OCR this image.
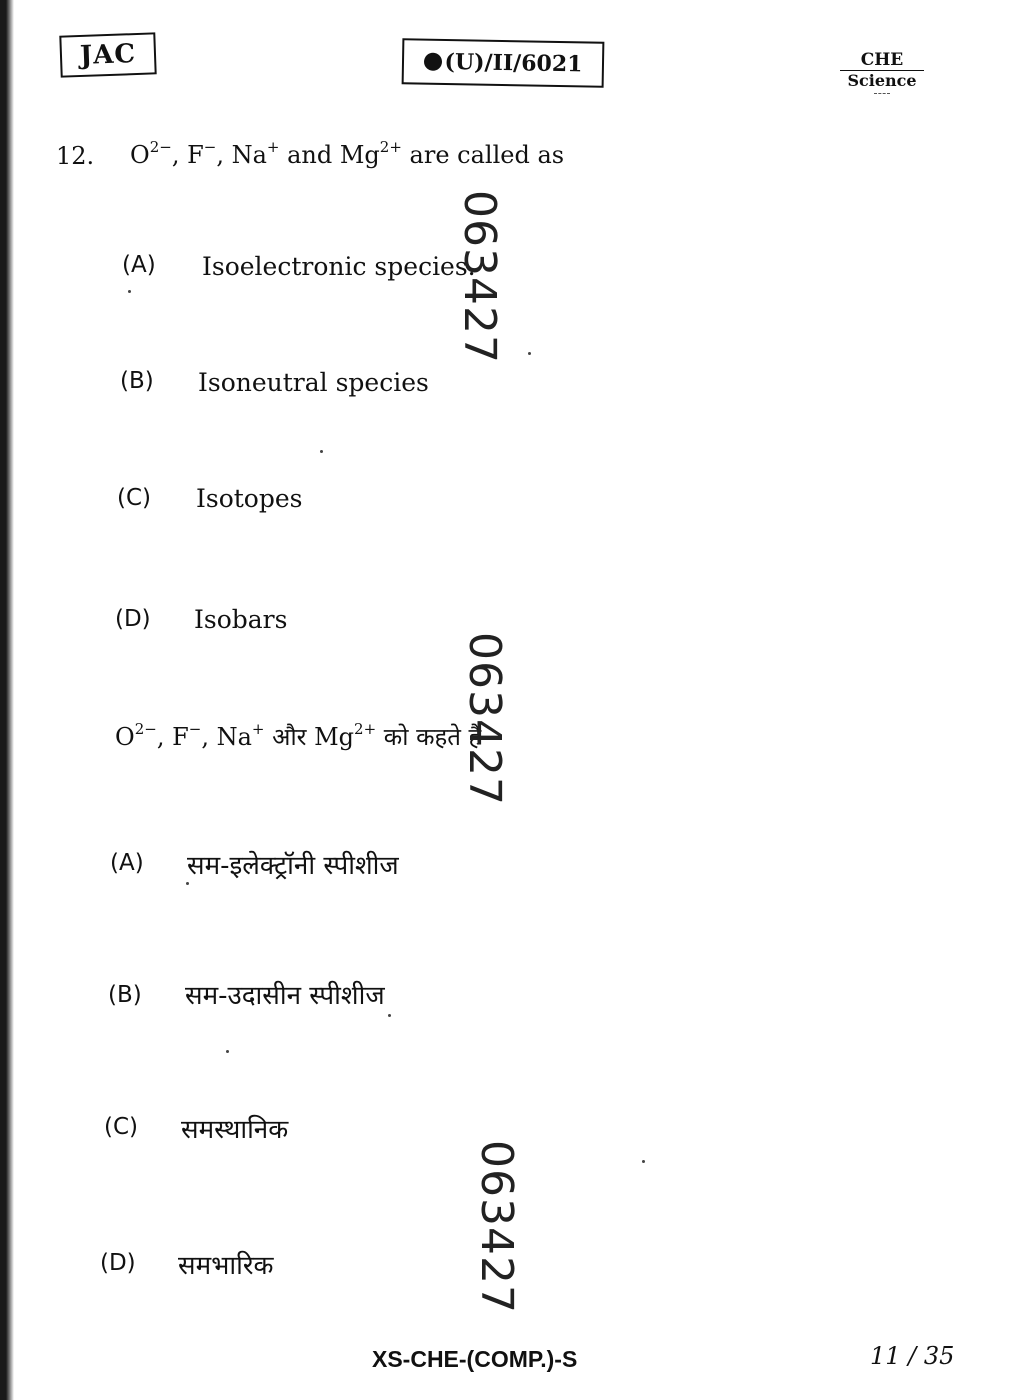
JAC	(U)/II/6021	CHE
Science
12. $O^{2-}$, F−, Na+ and $Mg^{2+}$ are called as
(A) Isoelectronic species.
(B) Isoneutral species
(C) Isotopes
(D) Isobars
$O^{2-}$, F−, Na+ और $Mg^{2+}$ को कहते हैं
(A) सम-इलेक्ट्रॉनी स्पीशीज
(B) सम-उदासीन स्पीशीज
(C) समस्थानिक
(D) समभारिक
063427
063427
063427
XS-CHE-(COMP.)-S	11 / 35
